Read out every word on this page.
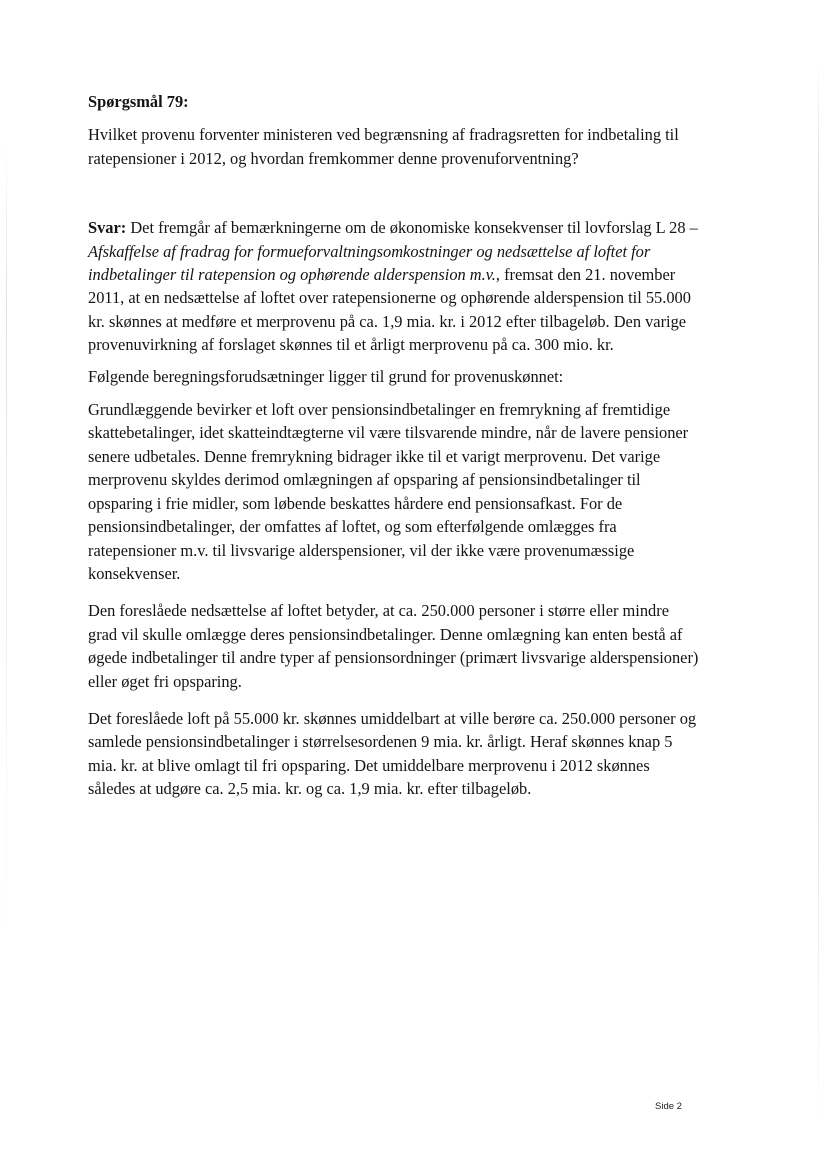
Spørgsmål 79:

Hvilket provenu forventer ministeren ved begrænsning af fradragsretten for indbetaling til ratepensioner i 2012, og hvordan fremkommer denne provenuforventning?

Svar: Det fremgår af bemærkningerne om de økonomiske konsekvenser til lovforslag L 28 – Afskaffelse af fradrag for formueforvaltningsomkostninger og nedsættelse af loftet for indbetalinger til ratepension og ophørende alderspension m.v., fremsat den 21. november 2011, at en nedsættelse af loftet over ratepensionerne og ophørende alderspension til 55.000 kr. skønnes at medføre et merprovenu på ca. 1,9 mia. kr. i 2012 efter tilbageløb. Den varige provenuvirkning af forslaget skønnes til et årligt merprovenu på ca. 300 mio. kr.

Følgende beregningsforudsætninger ligger til grund for provenuskønnet:

Grundlæggende bevirker et loft over pensionsindbetalinger en fremrykning af fremtidige skattebetalinger, idet skatteindtægterne vil være tilsvarende mindre, når de lavere pensioner senere udbetales. Denne fremrykning bidrager ikke til et varigt merprovenu. Det varige merprovenu skyldes derimod omlægningen af opsparing af pensionsindbetalinger til opsparing i frie midler, som løbende beskattes hårdere end pensionsafkast. For de pensionsindbetalinger, der omfattes af loftet, og som efterfølgende omlægges fra ratepensioner m.v. til livsvarige alderspensioner, vil der ikke være provenumæssige konsekvenser.

Den foreslåede nedsættelse af loftet betyder, at ca. 250.000 personer i større eller mindre grad vil skulle omlægge deres pensionsindbetalinger. Denne omlægning kan enten bestå af øgede indbetalinger til andre typer af pensionsordninger (primært livsvarige alderspensioner) eller øget fri opsparing.

Det foreslåede loft på 55.000 kr. skønnes umiddelbart at ville berøre ca. 250.000 personer og samlede pensionsindbetalinger i størrelsesordenen 9 mia. kr. årligt. Heraf skønnes knap 5 mia. kr. at blive omlagt til fri opsparing. Det umiddelbare merprovenu i 2012 skønnes således at udgøre ca. 2,5 mia. kr. og ca. 1,9 mia. kr. efter tilbageløb.

Side 2
